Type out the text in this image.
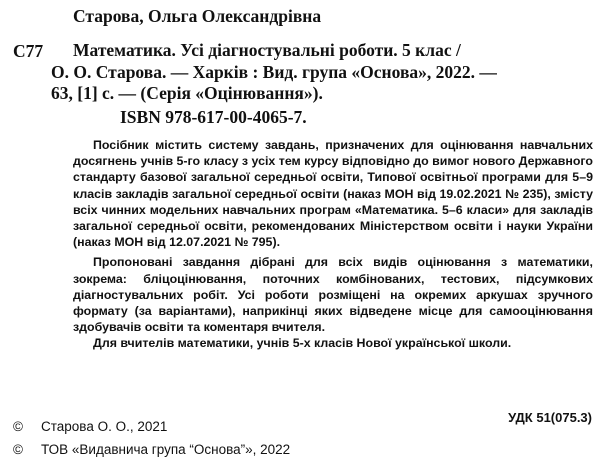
Старова, Ольга Олександрівна
С77 Математика. Усі діагностувальні роботи. 5 клас /
О. О. Старова. — Харків : Вид. група «Основа», 2022. —
63, [1] с. — (Серія «Оцінювання»).
ISBN 978-617-00-4065-7.

Посібник містить систему завдань, призначених для оцінювання навчальних досягнень учнів 5-го класу з усіх тем курсу відповідно до вимог нового Державного стандарту базової загальної середньої освіти, Типової освітньої програми для 5–9 класів закладів загальної середньої освіти (наказ МОН від 19.02.2021 № 235), змісту всіх чинних модельних навчальних програм «Математика. 5–6 класи» для закладів загальної середньої освіти, рекомендованих Міністерством освіти і науки України (наказ МОН від 12.07.2021 № 795).

Пропоновані завдання дібрані для всіх видів оцінювання з математики, зокрема: бліцоцінювання, поточних комбінованих, тестових, підсумкових діагностувальних робіт. Усі роботи розміщені на окремих аркушах зручного формату (за варіантами), наприкінці яких відведене місце для самооцінювання здобувачів освіти та коментаря вчителя.

Для вчителів математики, учнів 5-х класів Нової української школи.

УДК 51(075.3)
© Старова О. О., 2021
© ТОВ «Видавнича група “Основа”», 2022
